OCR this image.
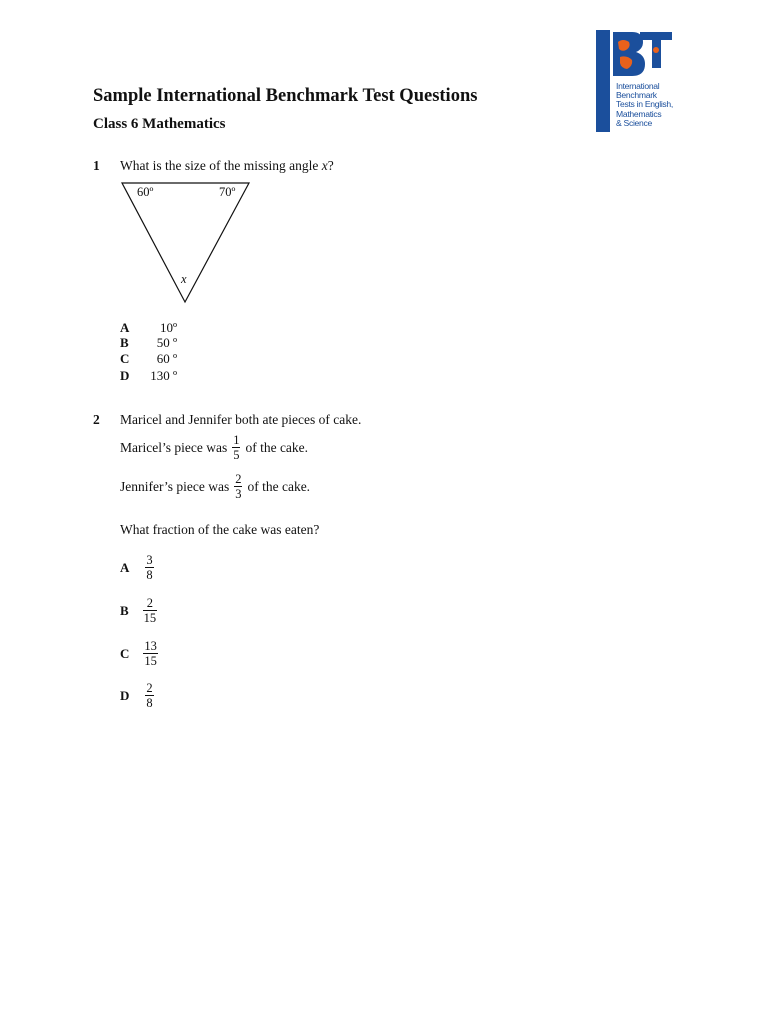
Sample International Benchmark Test Questions
Class 6 Mathematics
International
Benchmark
Tests in English,
Mathematics
& Science
1 What is the size of the missing angle x?
60º	70º
x
A	10º
B	50 º
C	60 º
D	130 º
2 Maricel and Jennifer both ate pieces of cake.
Maricel’s piece was $\frac{1}{5}$ of the cake.
Jennifer’s piece was $\frac{2}{3}$ of the cake.
What fraction of the cake was eaten?
A $\frac{3}{8}$
B $\frac{2}{15}$
C $\frac{13}{15}$
D $\frac{2}{8}$
